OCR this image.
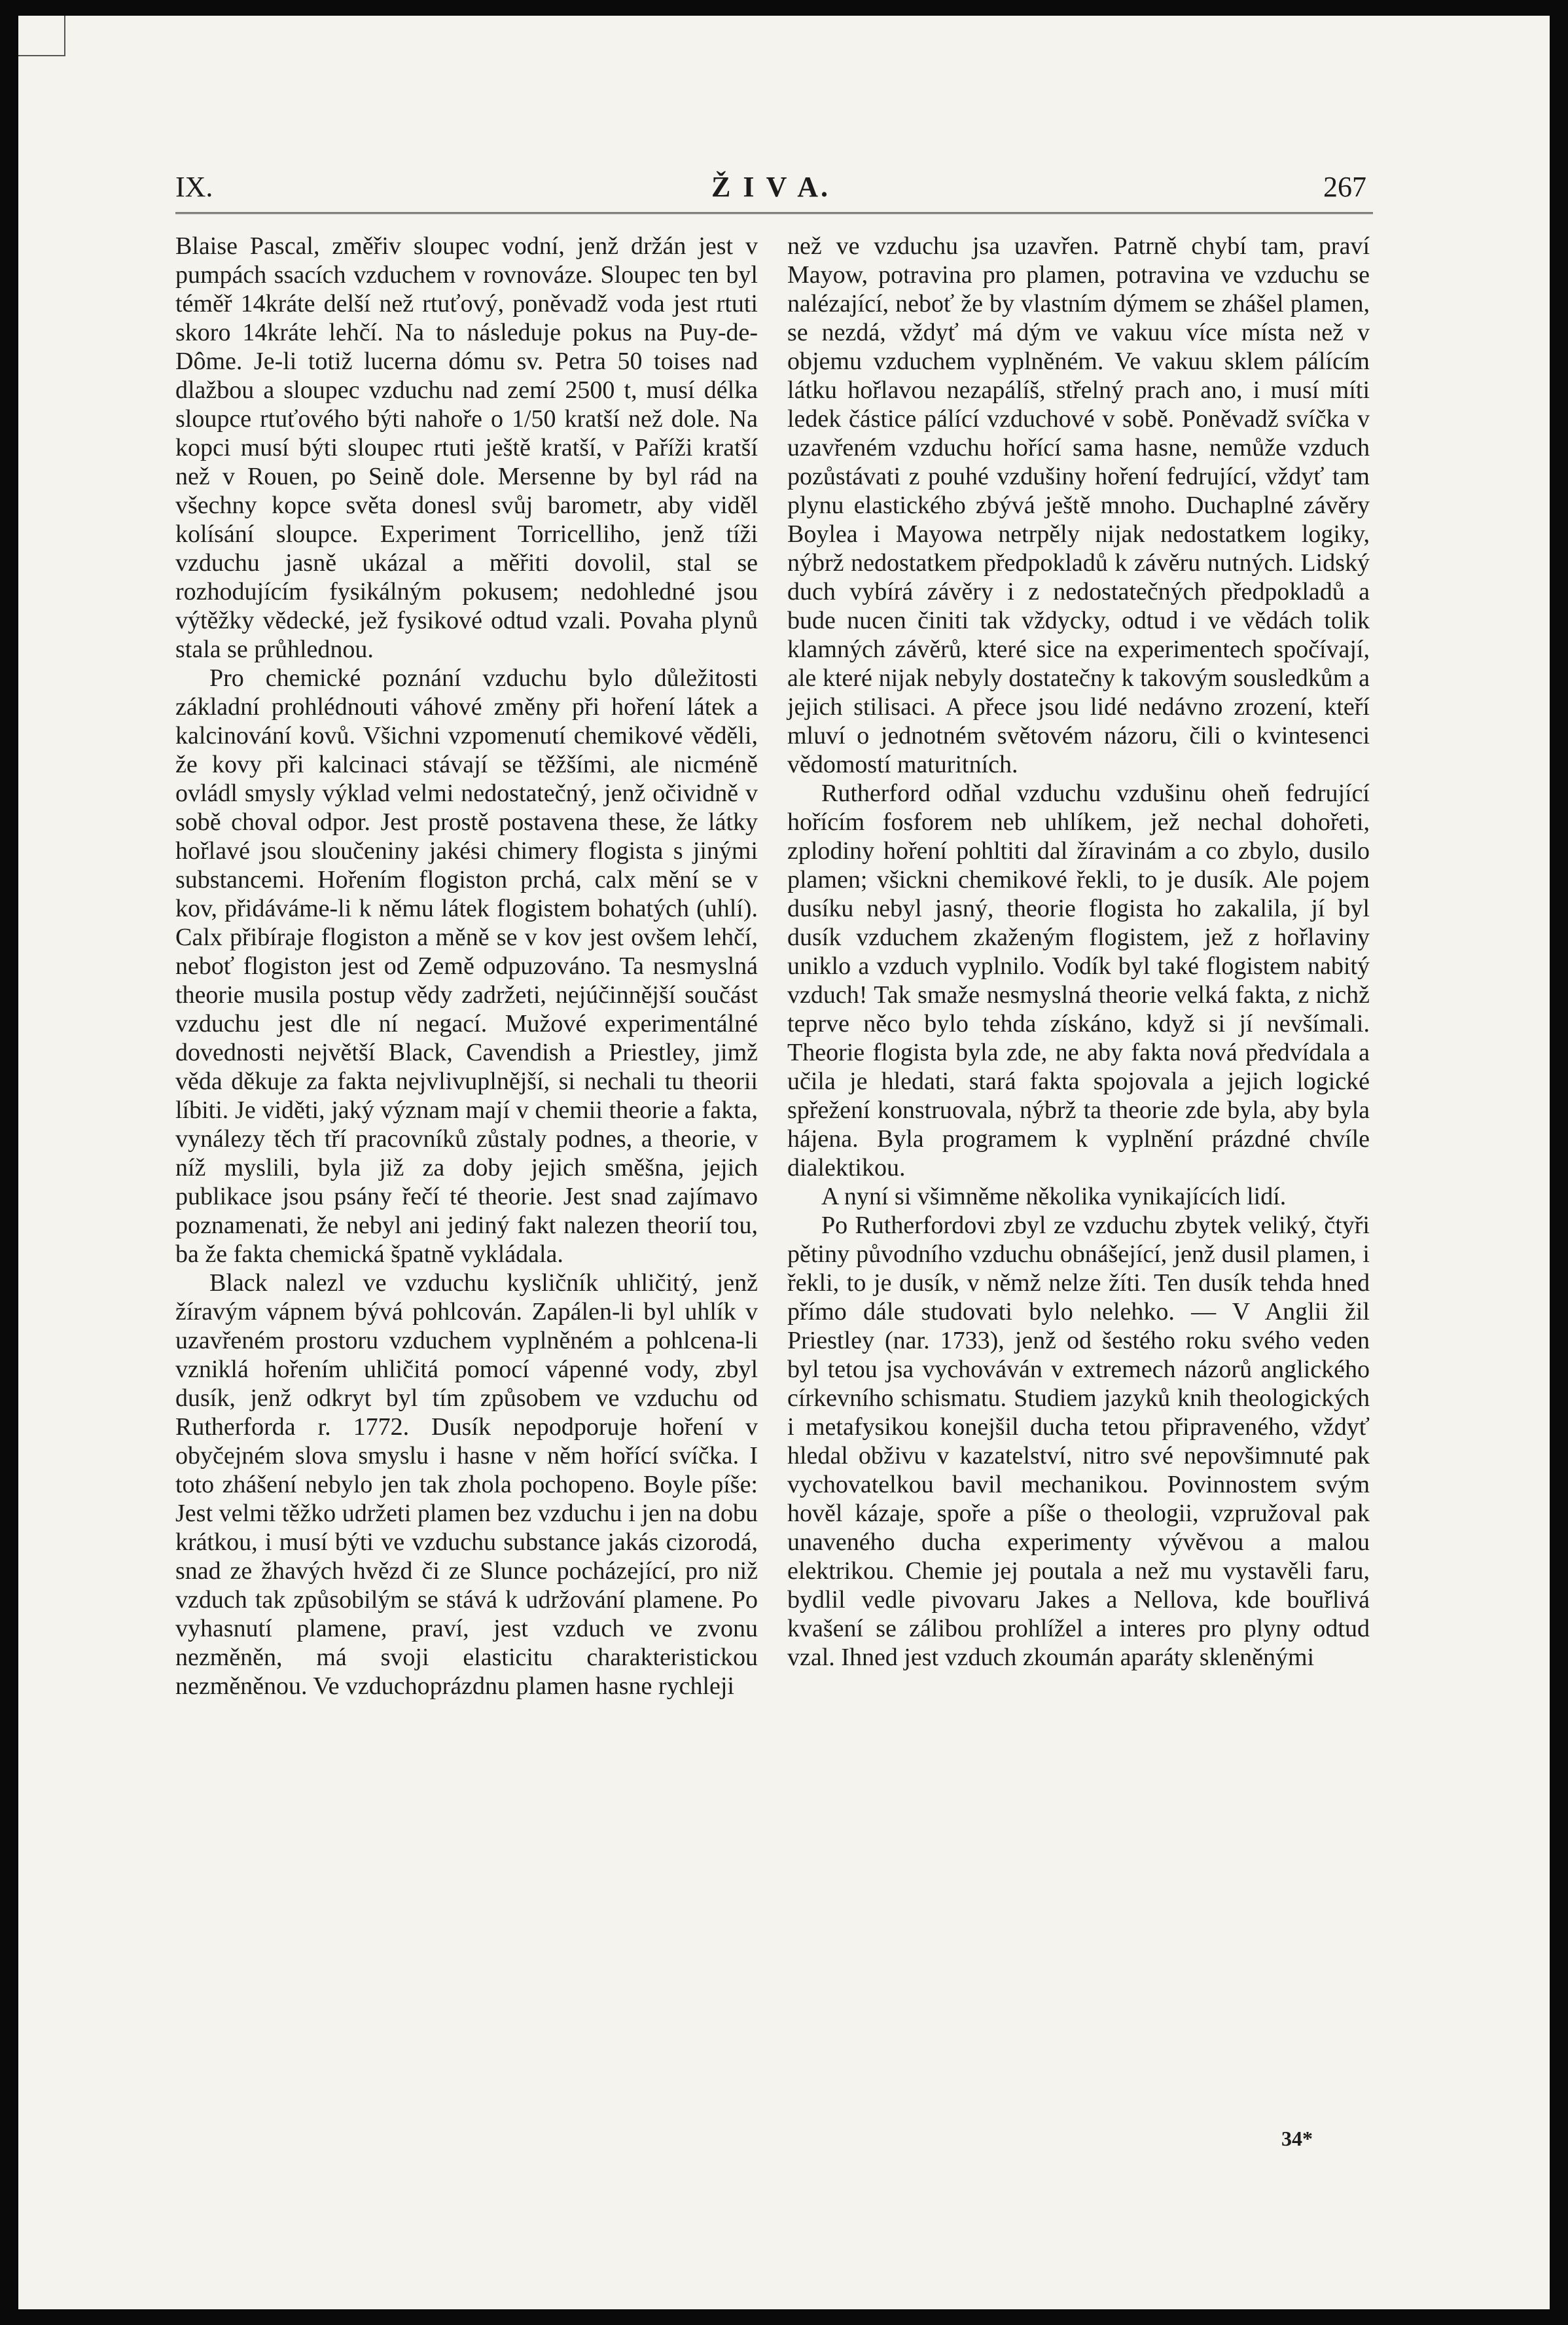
IX.	Ž I V A.	267

Blaise Pascal, změřiv sloupec vodní, jenž držán jest v pumpách ssacích vzduchem v rovnováze. Sloupec ten byl téměř 14kráte delší než rtuťový, poněvadž voda jest rtuti skoro 14kráte lehčí. Na to následuje pokus na Puy-de-Dôme. Je-li totiž lucerna dómu sv. Petra 50 toises nad dlažbou a sloupec vzduchu nad zemí 2500 t, musí délka sloupce rtuťového býti nahoře o 1/50 kratší než dole. Na kopci musí býti sloupec rtuti ještě kratší, v Paříži kratší než v Rouen, po Seině dole. Mersenne by byl rád na všechny kopce světa donesl svůj barometr, aby viděl kolísání sloupce. Experiment Torricelliho, jenž tíži vzduchu jasně ukázal a měřiti dovolil, stal se rozhodujícím fysikálným pokusem; nedohledné jsou výtěžky vědecké, jež fysikové odtud vzali. Povaha plynů stala se průhlednou.

Pro chemické poznání vzduchu bylo důležitosti základní prohlédnouti váhové změny při hoření látek a kalcinování kovů. Všichni vzpomenutí chemikové věděli, že kovy při kalcinaci stávají se těžšími, ale nicméně ovládl smysly výklad velmi nedostatečný, jenž očividně v sobě choval odpor. Jest prostě postavena these, že látky hořlavé jsou sloučeniny jakési chimery flogista s jinými substancemi. Hořením flogiston prchá, calx mění se v kov, přidáváme-li k němu látek flogistem bohatých (uhlí). Calx přibíraje flogiston a měně se v kov jest ovšem lehčí, neboť flogiston jest od Země odpuzováno. Ta nesmyslná theorie musila postup vědy zadržeti, nejúčinnější součást vzduchu jest dle ní negací. Mužové experimentálné dovednosti největší Black, Cavendish a Priestley, jimž věda děkuje za fakta nejvlivuplnější, si nechali tu theorii líbiti. Je viděti, jaký význam mají v chemii theorie a fakta, vynálezy těch tří pracovníků zůstaly podnes, a theorie, v níž myslili, byla již za doby jejich směšna, jejich publikace jsou psány řečí té theorie. Jest snad zajímavo poznamenati, že nebyl ani jediný fakt nalezen theorií tou, ba že fakta chemická špatně vykládala.

Black nalezl ve vzduchu kysličník uhličitý, jenž žíravým vápnem bývá pohlcován. Zapálen-li byl uhlík v uzavřeném prostoru vzduchem vyplněném a pohlcena-li vzniklá hořením uhličitá pomocí vápenné vody, zbyl dusík, jenž odkryt byl tím způsobem ve vzduchu od Rutherforda r. 1772. Dusík nepodporuje hoření v obyčejném slova smyslu i hasne v něm hořící svíčka. I toto zhášení nebylo jen tak zhola pochopeno. Boyle píše: Jest velmi těžko udržeti plamen bez vzduchu i jen na dobu krátkou, i musí býti ve vzduchu substance jakás cizorodá, snad ze žhavých hvězd či ze Slunce pocházející, pro niž vzduch tak způsobilým se stává k udržování plamene. Po vyhasnutí plamene, praví, jest vzduch ve zvonu nezměněn, má svoji elasticitu charakteristickou nezměněnou. Ve vzduchoprázdnu plamen hasne rychleji

než ve vzduchu jsa uzavřen. Patrně chybí tam, praví Mayow, potravina pro plamen, potravina ve vzduchu se nalézající, neboť že by vlastním dýmem se zhášel plamen, se nezdá, vždyť má dým ve vakuu více místa než v objemu vzduchem vyplněném. Ve vakuu sklem pálícím látku hořlavou nezapálíš, střelný prach ano, i musí míti ledek částice pálící vzduchové v sobě. Poněvadž svíčka v uzavřeném vzduchu hořící sama hasne, nemůže vzduch pozůstávati z pouhé vzdušiny hoření fedrující, vždyť tam plynu elastického zbývá ještě mnoho. Duchaplné závěry Boylea i Mayowa netrpěly nijak nedostatkem logiky, nýbrž nedostatkem předpokladů k závěru nutných. Lidský duch vybírá závěry i z nedostatečných předpokladů a bude nucen činiti tak vždycky, odtud i ve vědách tolik klamných závěrů, které sice na experimentech spočívají, ale které nijak nebyly dostatečny k takovým sousledkům a jejich stilisaci. A přece jsou lidé nedávno zrození, kteří mluví o jednotném světovém názoru, čili o kvintesenci vědomostí maturitních.

Rutherford odňal vzduchu vzdušinu oheň fedrující hořícím fosforem neb uhlíkem, jež nechal dohořeti, zplodiny hoření pohltiti dal žíravinám a co zbylo, dusilo plamen; všickni chemikové řekli, to je dusík. Ale pojem dusíku nebyl jasný, theorie flogista ho zakalila, jí byl dusík vzduchem zkaženým flogistem, jež z hořlaviny uniklo a vzduch vyplnilo. Vodík byl také flogistem nabitý vzduch! Tak smaže nesmyslná theorie velká fakta, z nichž teprve něco bylo tehda získáno, když si jí nevšímali. Theorie flogista byla zde, ne aby fakta nová předvídala a učila je hledati, stará fakta spojovala a jejich logické spřežení konstruovala, nýbrž ta theorie zde byla, aby byla hájena. Byla programem k vyplnění prázdné chvíle dialektikou.

A nyní si všimněme několika vynikajících lidí.

Po Rutherfordovi zbyl ze vzduchu zbytek veliký, čtyři pětiny původního vzduchu obnášející, jenž dusil plamen, i řekli, to je dusík, v němž nelze žíti. Ten dusík tehda hned přímo dále studovati bylo nelehko. — V Anglii žil Priestley (nar. 1733), jenž od šestého roku svého veden byl tetou jsa vychováván v extremech názorů anglického církevního schismatu. Studiem jazyků knih theologických i metafysikou konejšil ducha tetou připraveného, vždyť hledal obživu v kazatelství, nitro své nepovšimnuté pak vychovatelkou bavil mechanikou. Povinnostem svým hověl kázaje, spoře a píše o theologii, vzpružoval pak unaveného ducha experimenty vývěvou a malou elektrikou. Chemie jej poutala a než mu vystavěli faru, bydlil vedle pivovaru Jakes a Nellova, kde bouřlivá kvašení se zálibou prohlížel a interes pro plyny odtud vzal. Ihned jest vzduch zkoumán aparáty skleněnými

34*
